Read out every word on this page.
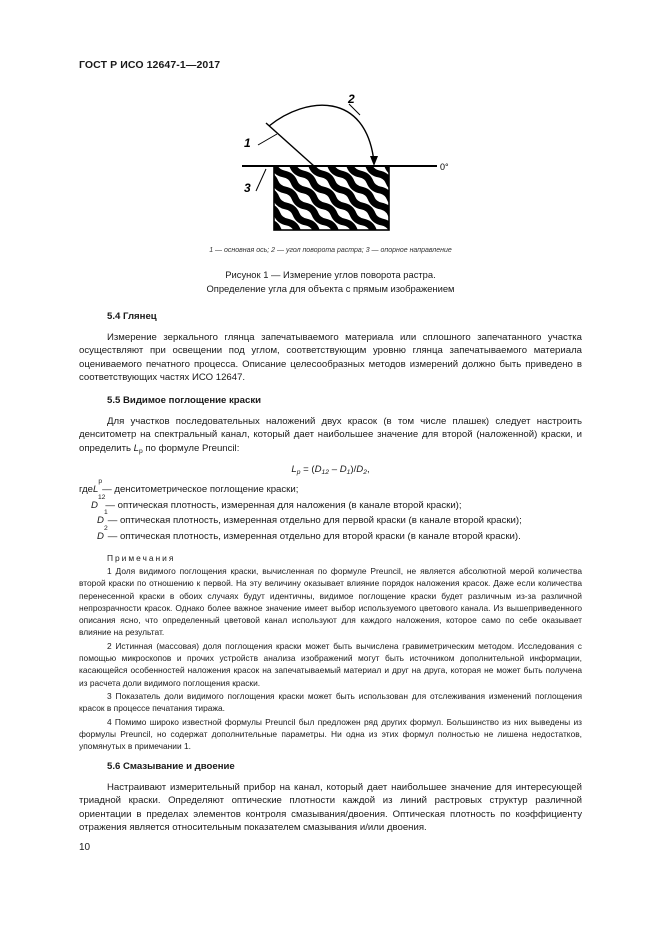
ГОСТ Р ИСО 12647-1—2017
1
2
3
0°
1 — основная ось; 2 — угол поворота растра; 3 — опорное направление
Рисунок 1 — Измерение углов поворота растра.
Определение угла для объекта с прямым изображением
5.4 Глянец

Измерение зеркального глянца запечатываемого материала или сплошного запечатанного участка осуществляют при освещении под углом, соответствующим уровню глянца запечатываемого материала оцениваемого печатного процесса. Описание целесообразных методов измерений должно быть приведено в соответствующих частях ИСО 12647.

5.5 Видимое поглощение краски

Для участков последовательных наложений двух красок (в том числе плашек) следует настроить денситометр на спектральный канал, который дает наибольшее значение для второй (наложенной) краски, и определить $L_p$ по формуле Preuncil:

$L_p = (D_{12} - D_1)/D_2$,
где L
p
— денситометрическое поглощение краски;
D
12
— оптическая плотность, измеренная для наложения (в канале второй краски);
D
1
— оптическая плотность, измеренная отдельно для первой краски (в канале второй краски);
D
2
— оптическая плотность, измеренная отдельно для второй краски (в канале второй краски).
Примечания

1 Доля видимого поглощения краски, вычисленная по формуле Preuncil, не является абсолютной мерой количества второй краски по отношению к первой. На эту величину оказывает влияние порядок наложения красок. Даже если количества перенесенной краски в обоих случаях будут идентичны, видимое поглощение краски будет различным из-за различной непрозрачности красок. Однако более важное значение имеет выбор используемого цветового канала. Из вышеприведенного описания ясно, что определенный цветовой канал используют для каждого наложения, которое само по себе оказывает влияние на результат.

2 Истинная (массовая) доля поглощения краски может быть вычислена гравиметрическим методом. Исследования с помощью микроскопов и прочих устройств анализа изображений могут быть источником дополнительной информации, касающейся особенностей наложения красок на запечатываемый материал и друг на друга, которая не может быть получена из расчета доли видимого поглощения краски.

3 Показатель доли видимого поглощения краски может быть использован для отслеживания изменений поглощения красок в процессе печатания тиража.

4 Помимо широко известной формулы Preuncil был предложен ряд других формул. Большинство из них выведены из формулы Preuncil, но содержат дополнительные параметры. Ни одна из этих формул полностью не лишена недостатков, упомянутых в примечании 1.

5.6 Смазывание и двоение

Настраивают измерительный прибор на канал, который дает наибольшее значение для интересующей триадной краски. Определяют оптические плотности каждой из линий растровых структур различной ориентации в пределах элементов контроля смазывания/двоения. Оптическая плотность по коэффициенту отражения является относительным показателем смазывания и/или двоения.

10
